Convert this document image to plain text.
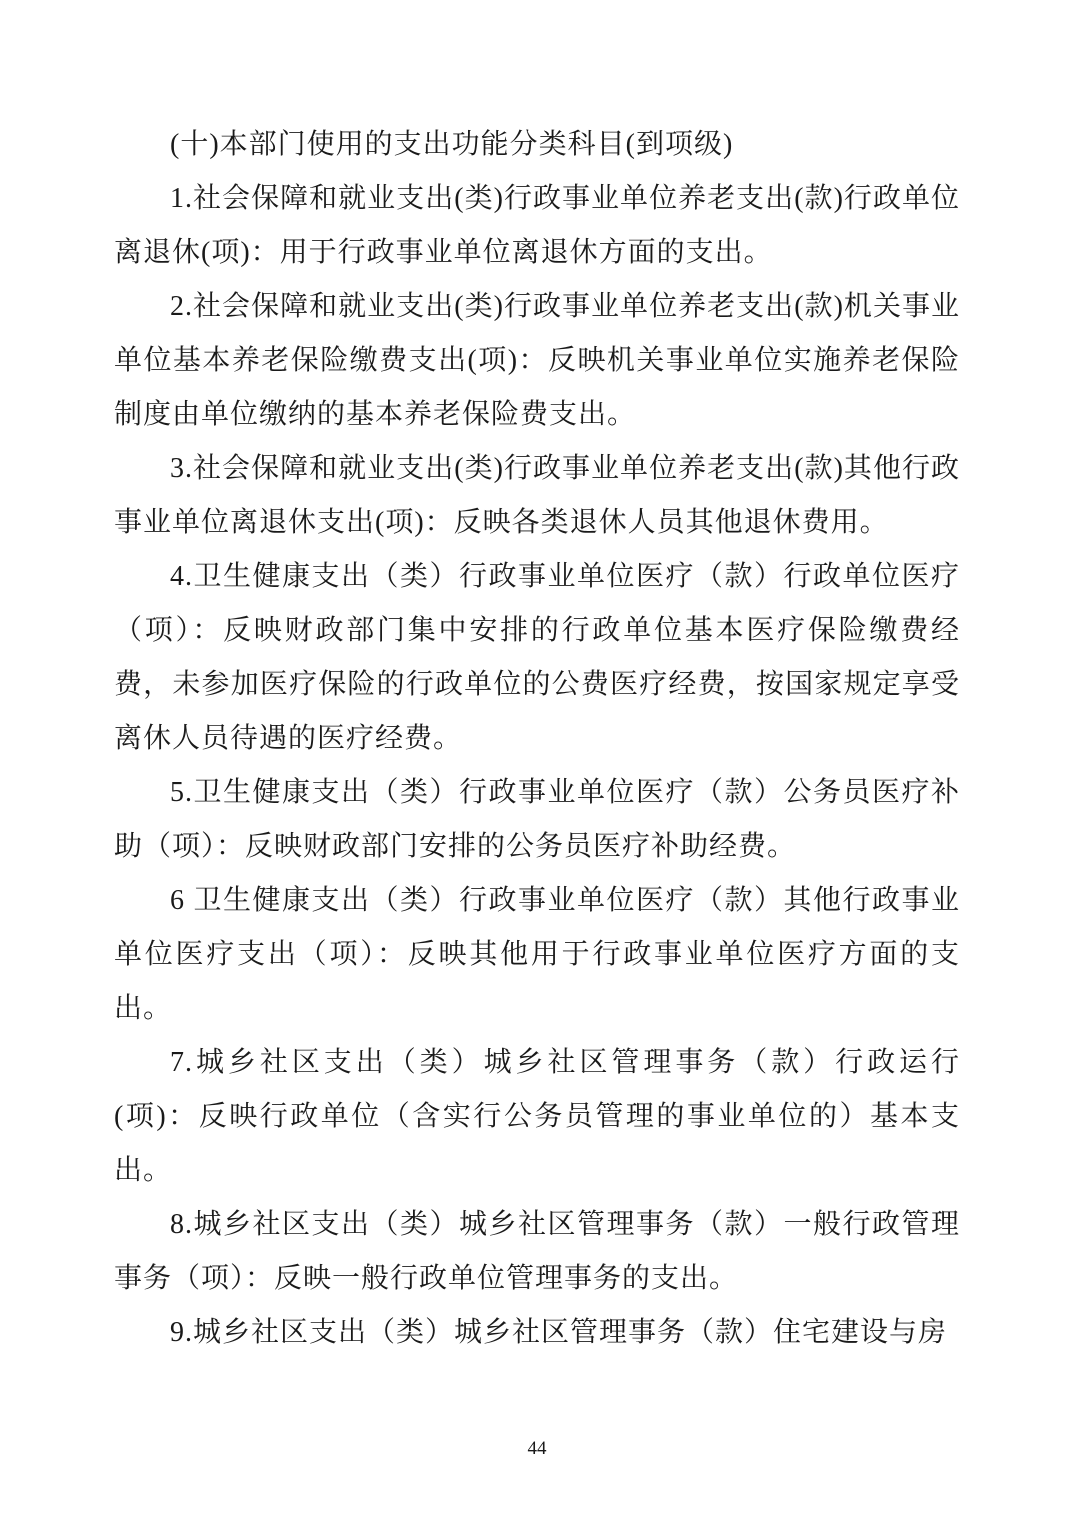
(十)本部门使用的支出功能分类科目(到项级)

1.社会保障和就业支出(类)行政事业单位养老支出(款)行政单位离退休(项)：用于行政事业单位离退休方面的支出。

2.社会保障和就业支出(类)行政事业单位养老支出(款)机关事业单位基本养老保险缴费支出(项)：反映机关事业单位实施养老保险制度由单位缴纳的基本养老保险费支出。

3.社会保障和就业支出(类)行政事业单位养老支出(款)其他行政事业单位离退休支出(项)：反映各类退休人员其他退休费用。

4.卫生健康支出（类）行政事业单位医疗（款）行政单位医疗（项）：反映财政部门集中安排的行政单位基本医疗保险缴费经费，未参加医疗保险的行政单位的公费医疗经费，按国家规定享受离休人员待遇的医疗经费。

5.卫生健康支出（类）行政事业单位医疗（款）公务员医疗补助（项）：反映财政部门安排的公务员医疗补助经费。

6 卫生健康支出（类）行政事业单位医疗（款）其他行政事业单位医疗支出（项）：反映其他用于行政事业单位医疗方面的支出。

7.城乡社区支出（类）城乡社区管理事务（款）行政运行(项)：反映行政单位（含实行公务员管理的事业单位的）基本支出。

8.城乡社区支出（类）城乡社区管理事务（款）一般行政管理事务（项）：反映一般行政单位管理事务的支出。

9.城乡社区支出（类）城乡社区管理事务（款）住宅建设与房

44
